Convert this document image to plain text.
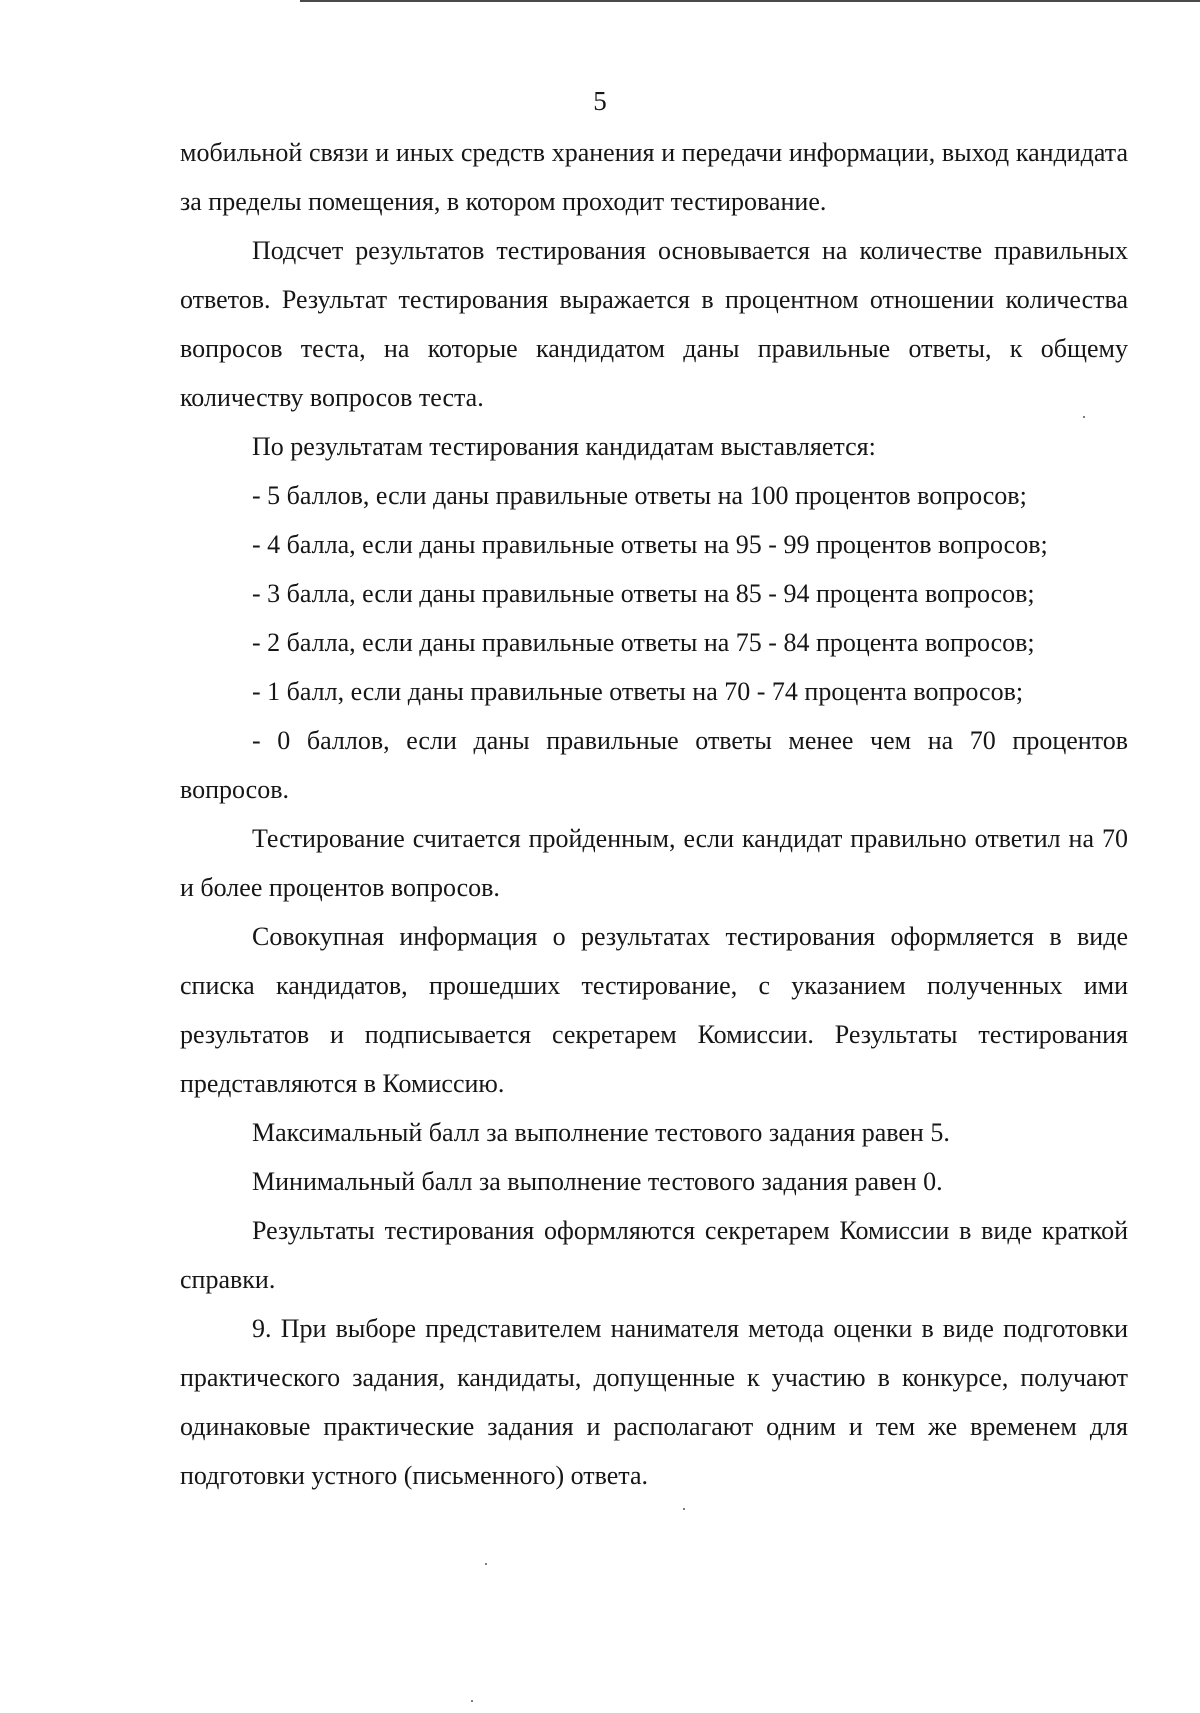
5

мобильной связи и иных средств хранения и передачи информации, выход кандидата за пределы помещения, в котором проходит тестирование.

Подсчет результатов тестирования основывается на количестве правильных ответов. Результат тестирования выражается в процентном отношении количества вопросов теста, на которые кандидатом даны правильные ответы, к общему количеству вопросов теста.

По результатам тестирования кандидатам выставляется:

- 5 баллов, если даны правильные ответы на 100 процентов вопросов;

- 4 балла, если даны правильные ответы на 95 - 99 процентов вопросов;

- 3 балла, если даны правильные ответы на 85 - 94 процента вопросов;

- 2 балла, если даны правильные ответы на 75 - 84 процента вопросов;

- 1 балл, если даны правильные ответы на 70 - 74 процента вопросов;

- 0 баллов, если даны правильные ответы менее чем на 70 процентов вопросов.

Тестирование считается пройденным, если кандидат правильно ответил на 70 и более процентов вопросов.

Совокупная информация о результатах тестирования оформляется в виде списка кандидатов, прошедших тестирование, с указанием полученных ими результатов и подписывается секретарем Комиссии. Результаты тестирования представляются в Комиссию.

Максимальный балл за выполнение тестового задания равен 5.

Минимальный балл за выполнение тестового задания равен 0.

Результаты тестирования оформляются секретарем Комиссии в виде краткой справки.

9. При выборе представителем нанимателя метода оценки в виде подготовки практического задания, кандидаты, допущенные к участию в конкурсе, получают одинаковые практические задания и располагают одним и тем же временем для подготовки устного (письменного) ответа.
